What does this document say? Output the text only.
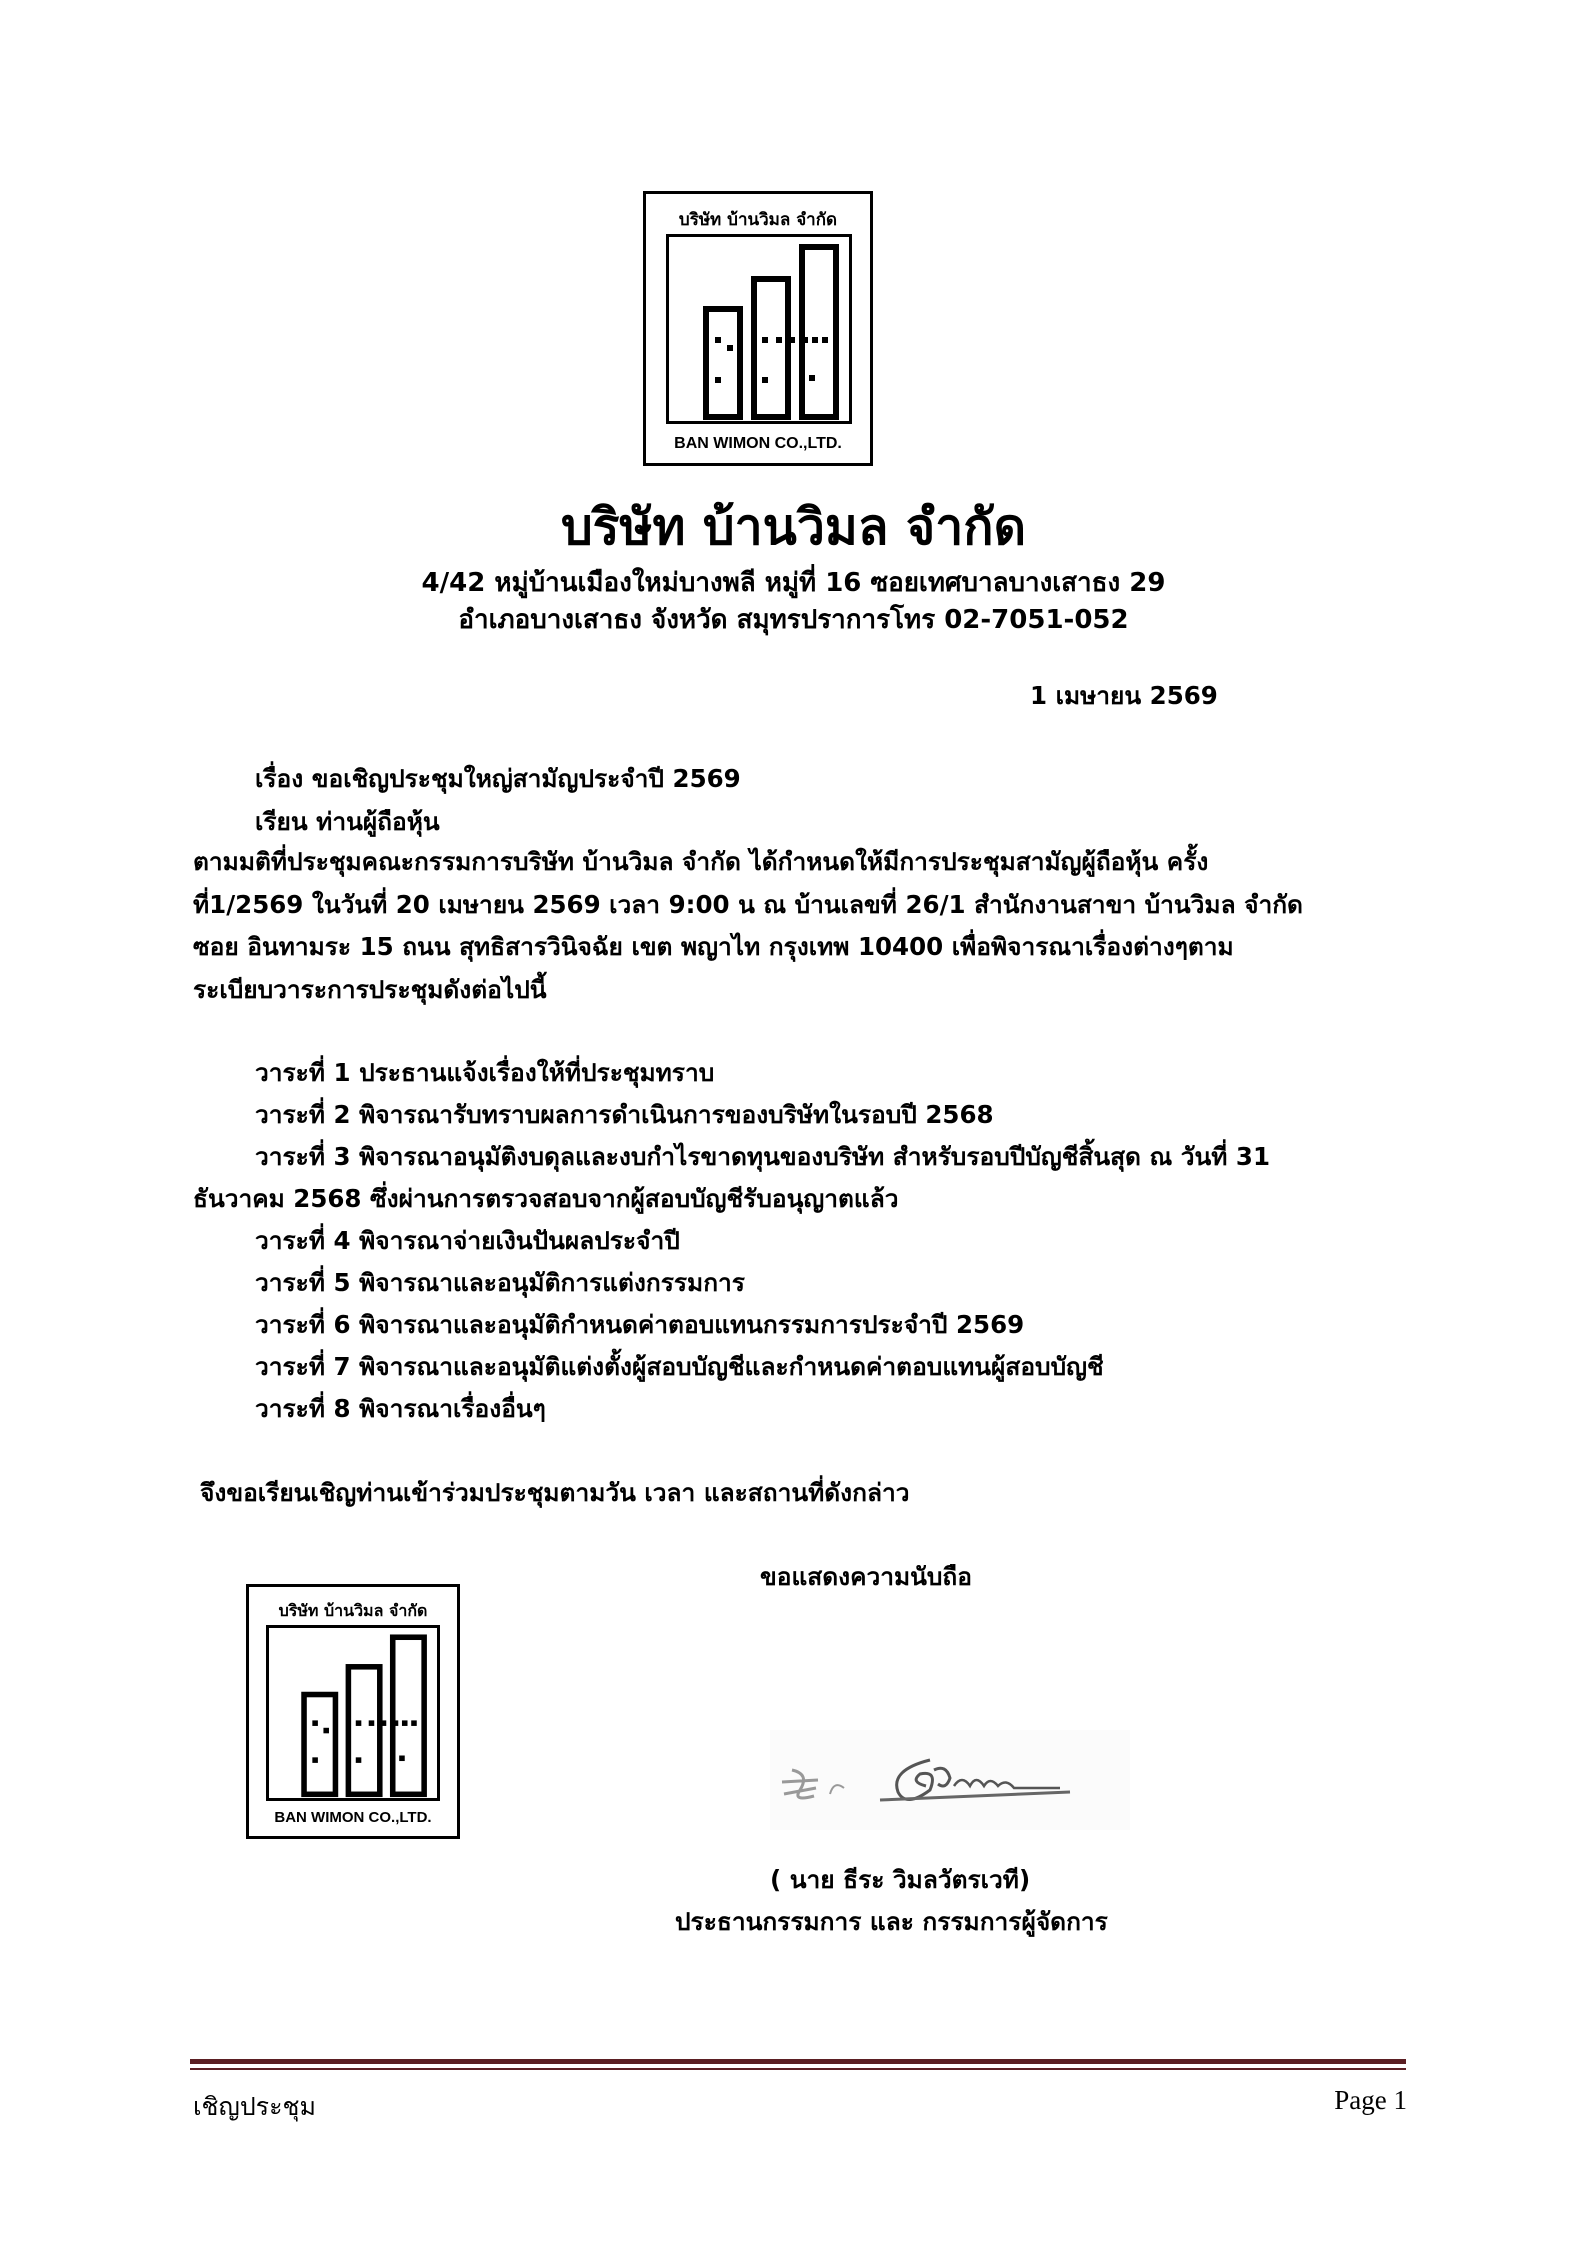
บริษัท บ้านวิมล จำกัด
BAN WIMON CO.,LTD.
บริษัท บ้านวิมล จำกัด
4/42 หมู่บ้านเมืองใหม่บางพลี หมู่ที่ 16 ซอยเทศบาลบางเสาธง 29
อำเภอบางเสาธง จังหวัด สมุทรปราการโทร 02-7051-052
1 เมษายน 2569
เรื่อง ขอเชิญประชุมใหญ่สามัญประจำปี 2569
เรียน ท่านผู้ถือหุ้น
ตามมติที่ประชุมคณะกรรมการบริษัท บ้านวิมล จำกัด ได้กำหนดให้มีการประชุมสามัญผู้ถือหุ้น ครั้ง
ที่1/2569 ในวันที่ 20 เมษายน 2569 เวลา 9:00 น ณ บ้านเลขที่ 26/1 สำนักงานสาขา บ้านวิมล จำกัด
ซอย อินทามระ 15 ถนน สุทธิสารวินิจฉัย เขต พญาไท กรุงเทพ 10400 เพื่อพิจารณาเรื่องต่างๆตาม
ระเบียบวาระการประชุมดังต่อไปนี้
วาระที่ 1 ประธานแจ้งเรื่องให้ที่ประชุมทราบ
วาระที่ 2 พิจารณารับทราบผลการดำเนินการของบริษัทในรอบปี 2568
วาระที่ 3 พิจารณาอนุมัติงบดุลและงบกำไรขาดทุนของบริษัท สำหรับรอบปีบัญชีสิ้นสุด ณ วันที่ 31
ธันวาคม 2568 ซึ่งผ่านการตรวจสอบจากผู้สอบบัญชีรับอนุญาตแล้ว
วาระที่ 4 พิจารณาจ่ายเงินปันผลประจำปี
วาระที่ 5 พิจารณาและอนุมัติการแต่งกรรมการ
วาระที่ 6 พิจารณาและอนุมัติกำหนดค่าตอบแทนกรรมการประจำปี 2569
วาระที่ 7 พิจารณาและอนุมัติแต่งตั้งผู้สอบบัญชีและกำหนดค่าตอบแทนผู้สอบบัญชี
วาระที่ 8 พิจารณาเรื่องอื่นๆ
จึงขอเรียนเชิญท่านเข้าร่วมประชุมตามวัน เวลา และสถานที่ดังกล่าว
ขอแสดงความนับถือ
บริษัท บ้านวิมล จำกัด
BAN WIMON CO.,LTD.
( นาย ธีระ วิมลวัตรเวที)
ประธานกรรมการ และ กรรมการผู้จัดการ
เชิญประชุม	Page 1
